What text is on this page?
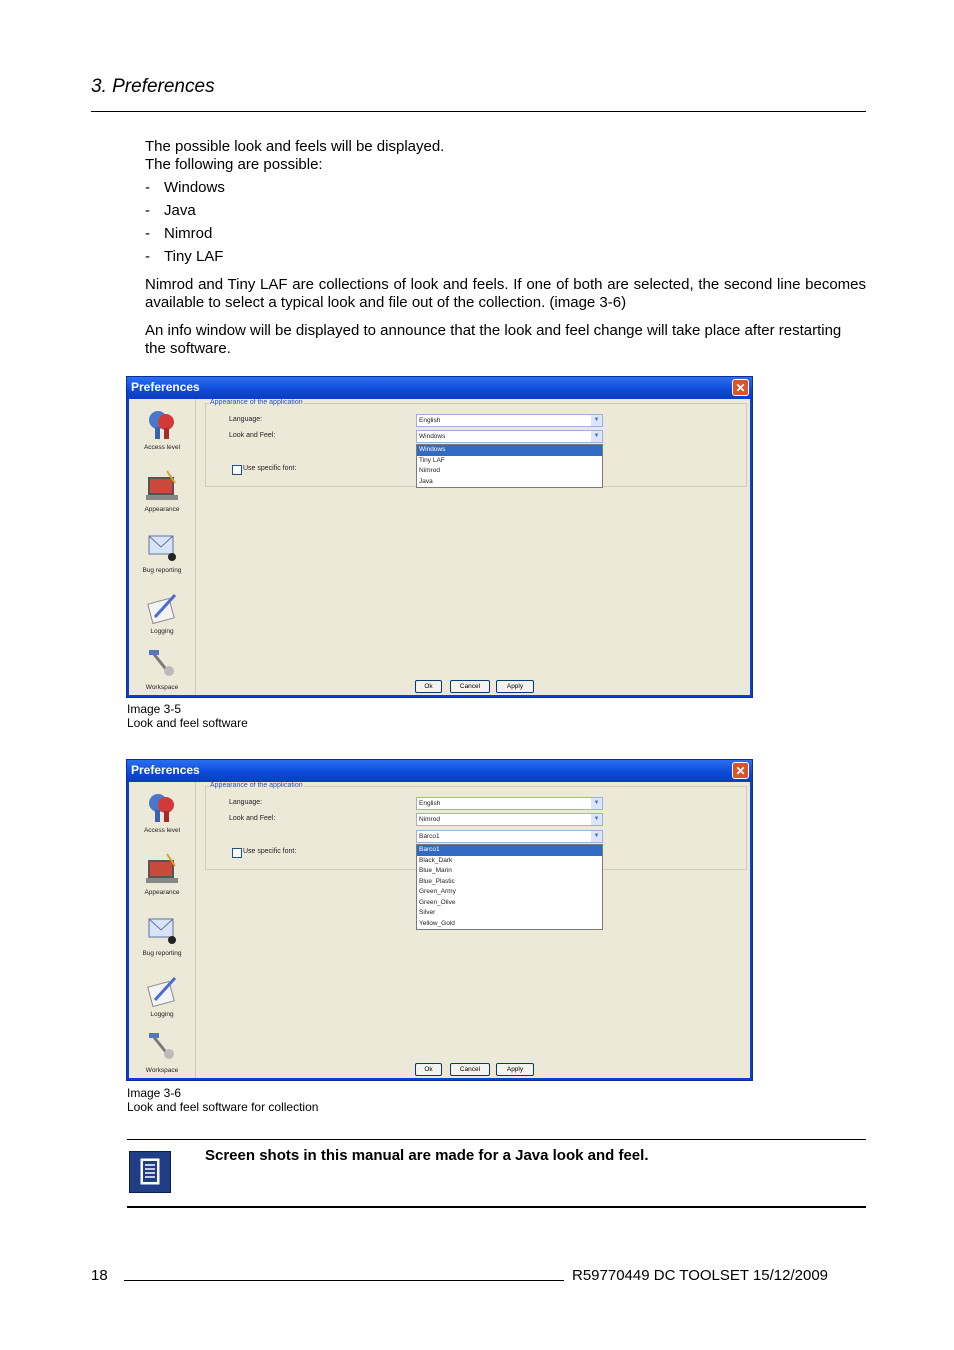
3. Preferences
The possible look and feels will be displayed.
The following are possible:
- Windows
- Java
- Nimrod
- Tiny LAF
Nimrod and Tiny LAF are collections of look and feels. If one of both are selected, the second line becomes available to select a typical look and file out of the collection. (image 3-6)
An info window will be displayed to announce that the look and feel change will take place after restarting the software.
Preferences	✕
Access level
Appearance
Bug reporting
Logging
Workspace
Appearance of the application
Language:	English	▼
Look and Feel:	Windows	▼
Windows
Tiny LAF
Nimrod
Java
Use specific font:
Ok	Cancel	Apply
Image 3-5
Look and feel software
Preferences	✕
Access level
Appearance
Bug reporting
Logging
Workspace
Appearance of the application
Language:	English	▼
Look and Feel:	Nimrod	▼
Barco1	▼
Barco1
Black_Dark
Blue_Marin
Blue_Plastic
Green_Army
Green_Olive
Silver
Yellow_Gold
Use specific font:
Ok	Cancel	Apply
Image 3-6
Look and feel software for collection
Screen shots in this manual are made for a Java look and feel.
18	R59770449 DC TOOLSET 15/12/2009
